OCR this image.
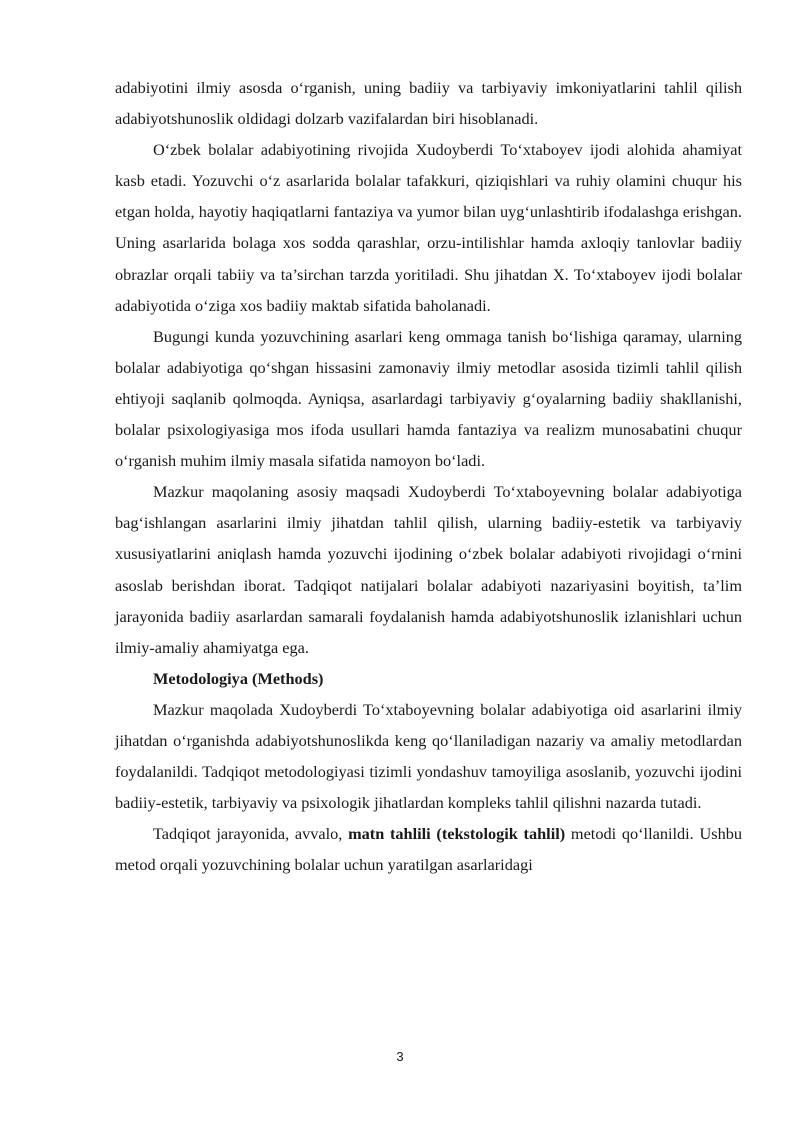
adabiyotini ilmiy asosda o‘rganish, uning badiiy va tarbiyaviy imkoniyatlarini tahlil qilish adabiyotshunoslik oldidagi dolzarb vazifalardan biri hisoblanadi.

O‘zbek bolalar adabiyotining rivojida Xudoyberdi To‘xtaboyev ijodi alohida ahamiyat kasb etadi. Yozuvchi o‘z asarlarida bolalar tafakkuri, qiziqishlari va ruhiy olamini chuqur his etgan holda, hayotiy haqiqatlarni fantaziya va yumor bilan uyg‘unlashtirib ifodalashga erishgan. Uning asarlarida bolaga xos sodda qarashlar, orzu-intilishlar hamda axloqiy tanlovlar badiiy obrazlar orqali tabiiy va ta’sirchan tarzda yoritiladi. Shu jihatdan X. To‘xtaboyev ijodi bolalar adabiyotida o‘ziga xos badiiy maktab sifatida baholanadi.

Bugungi kunda yozuvchining asarlari keng ommaga tanish bo‘lishiga qaramay, ularning bolalar adabiyotiga qo‘shgan hissasini zamonaviy ilmiy metodlar asosida tizimli tahlil qilish ehtiyoji saqlanib qolmoqda. Ayniqsa, asarlardagi tarbiyaviy g‘oyalarning badiiy shakllanishi, bolalar psixologiyasiga mos ifoda usullari hamda fantaziya va realizm munosabatini chuqur o‘rganish muhim ilmiy masala sifatida namoyon bo‘ladi.

Mazkur maqolaning asosiy maqsadi Xudoyberdi To‘xtaboyevning bolalar adabiyotiga bag‘ishlangan asarlarini ilmiy jihatdan tahlil qilish, ularning badiiy-estetik va tarbiyaviy xususiyatlarini aniqlash hamda yozuvchi ijodining o‘zbek bolalar adabiyoti rivojidagi o‘rnini asoslab berishdan iborat. Tadqiqot natijalari bolalar adabiyoti nazariyasini boyitish, ta’lim jarayonida badiiy asarlardan samarali foydalanish hamda adabiyotshunoslik izlanishlari uchun ilmiy-amaliy ahamiyatga ega.

Metodologiya (Methods)

Mazkur maqolada Xudoyberdi To‘xtaboyevning bolalar adabiyotiga oid asarlarini ilmiy jihatdan o‘rganishda adabiyotshunoslikda keng qo‘llaniladigan nazariy va amaliy metodlardan foydalanildi. Tadqiqot metodologiyasi tizimli yondashuv tamoyiliga asoslanib, yozuvchi ijodini badiiy-estetik, tarbiyaviy va psixologik jihatlardan kompleks tahlil qilishni nazarda tutadi.

Tadqiqot jarayonida, avvalo, matn tahlili (tekstologik tahlil) metodi qo‘llanildi. Ushbu metod orqali yozuvchining bolalar uchun yaratilgan asarlaridagi

3
